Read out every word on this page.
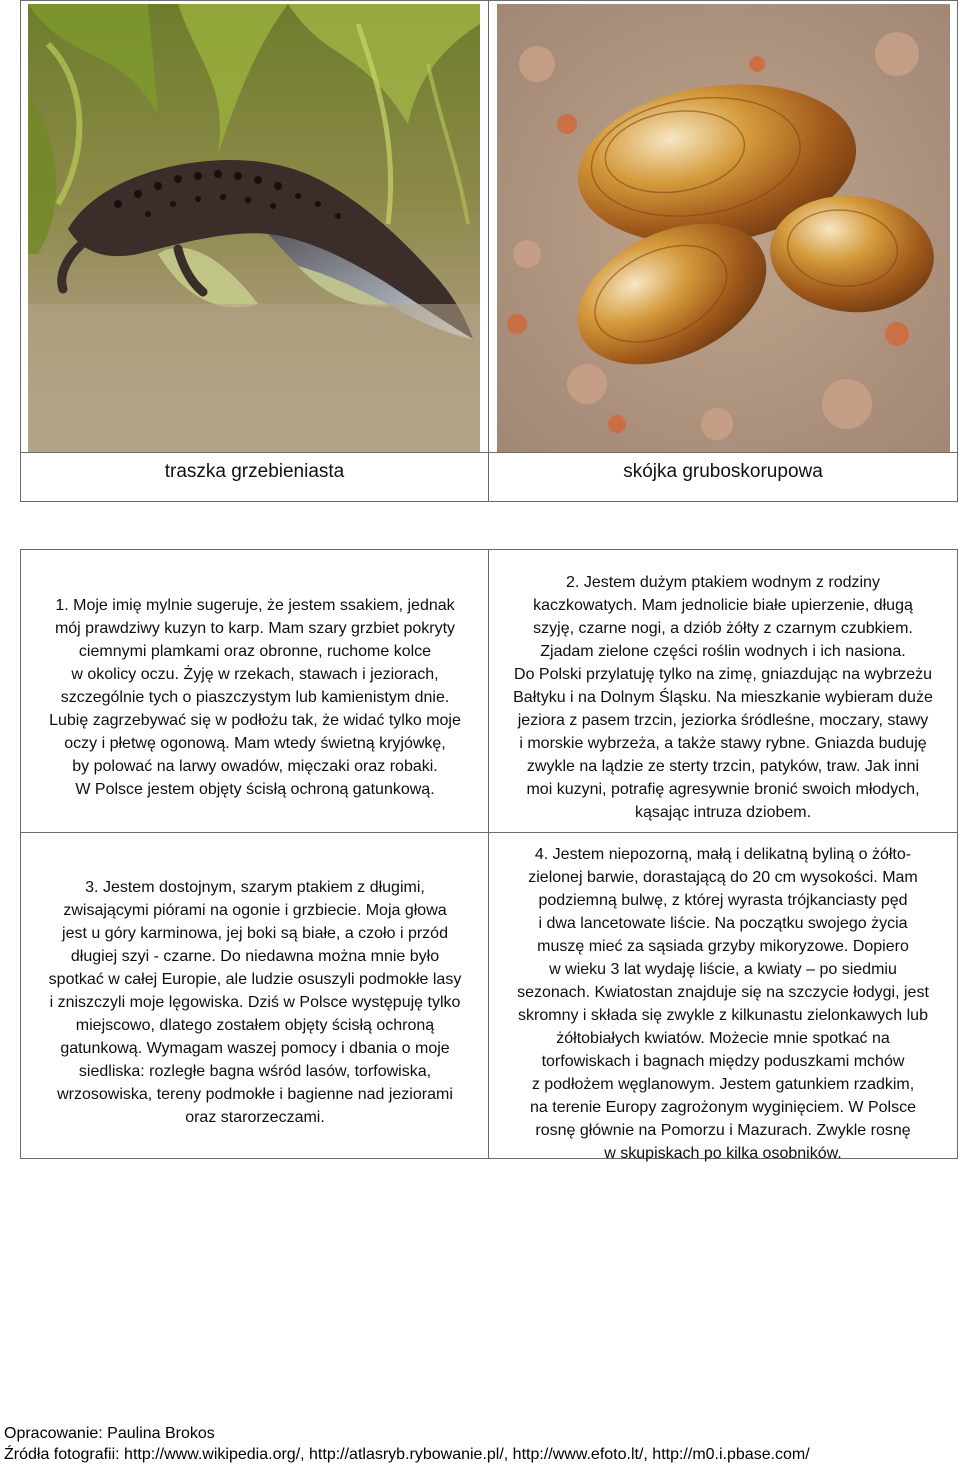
traszka grzebieniasta	skójka gruboskorupowa
1. Moje imię mylnie sugeruje, że jestem ssakiem, jednak
mój prawdziwy kuzyn to karp. Mam szary grzbiet pokryty
ciemnymi plamkami oraz obronne, ruchome kolce
w okolicy oczu. Żyję w rzekach, stawach i jeziorach,
szczególnie tych o piaszczystym lub kamienistym dnie.
Lubię zagrzebywać się w podłożu tak, że widać tylko moje
oczy i płetwę ogonową. Mam wtedy świetną kryjówkę,
by polować na larwy owadów, mięczaki oraz robaki.
W Polsce jestem objęty ścisłą ochroną gatunkową.
2. Jestem dużym ptakiem wodnym z rodziny
kaczkowatych. Mam jednolicie białe upierzenie, długą
szyję, czarne nogi, a dziób żółty z czarnym czubkiem.
Zjadam zielone części roślin wodnych i ich nasiona.
Do Polski przylatuję tylko na zimę, gniazdując na wybrzeżu
Bałtyku i na Dolnym Śląsku. Na mieszkanie wybieram duże
jeziora z pasem trzcin, jeziorka śródleśne, moczary, stawy
i morskie wybrzeża, a także stawy rybne. Gniazda buduję
zwykle na lądzie ze sterty trzcin, patyków, traw. Jak inni
moi kuzyni, potrafię agresywnie bronić swoich młodych,
kąsając intruza dziobem.
3. Jestem dostojnym, szarym ptakiem z długimi,
zwisającymi piórami na ogonie i grzbiecie. Moja głowa
jest u góry karminowa, jej boki są białe, a czoło i przód
długiej szyi - czarne. Do niedawna można mnie było
spotkać w całej Europie, ale ludzie osuszyli podmokłe lasy
i zniszczyli moje lęgowiska. Dziś w Polsce występuję tylko
miejscowo, dlatego zostałem objęty ścisłą ochroną
gatunkową. Wymagam waszej pomocy i dbania o moje
siedliska: rozległe bagna wśród lasów, torfowiska,
wrzosowiska, tereny podmokłe i bagienne nad jeziorami
oraz starorzeczami.
4. Jestem niepozorną, małą i delikatną byliną o żółto-
zielonej barwie, dorastającą do 20 cm wysokości. Mam
podziemną bulwę, z której wyrasta trójkanciasty pęd
i dwa lancetowate liście. Na początku swojego życia
muszę mieć za sąsiada grzyby mikoryzowe. Dopiero
w wieku 3 lat wydaję liście, a kwiaty – po siedmiu
sezonach. Kwiatostan znajduje się na szczycie łodygi, jest
skromny i składa się zwykle z kilkunastu zielonkawych lub
żółtobiałych kwiatów. Możecie mnie spotkać na
torfowiskach i bagnach między poduszkami mchów
z podłożem węglanowym. Jestem gatunkiem rzadkim,
na terenie Europy zagrożonym wyginięciem. W Polsce
rosnę głównie na Pomorzu i Mazurach. Zwykle rosnę
w skupiskach po kilka osobników.
Opracowanie: Paulina Brokos
Źródła fotografii: http://www.wikipedia.org/, http://atlasryb.rybowanie.pl/, http://www.efoto.lt/, http://m0.i.pbase.com/
